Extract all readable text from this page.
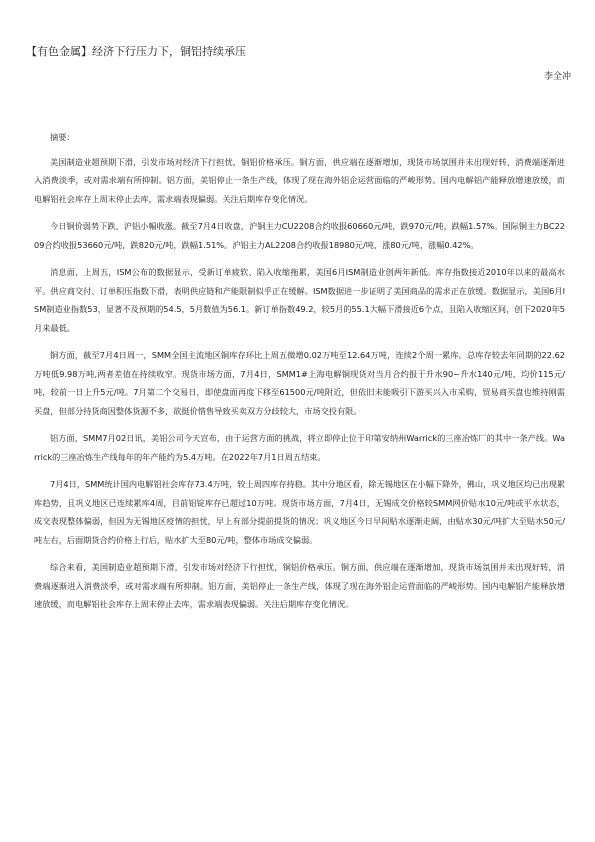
【有色金属】经济下行压力下，铜铝持续承压
李全冲

摘要：

美国制造业超预期下滑，引发市场对经济下行担忧，铜铝价格承压。铜方面，供应端在逐渐增加，现货市场氛围并未出现好转，消费端逐渐进入消费淡季，或对需求端有所抑制。铝方面，美铝停止一条生产线，体现了现在海外铝企运营面临的严峻形势。国内电解铝产能释放增速放缓，而电解铝社会库存上周末停止去库，需求端表现偏弱。关注后期库存变化情况。

今日铜价弱势下跌，沪铝小幅收涨。截至7月4日收盘，沪铜主力CU2208合约收报60660元/吨，跌970元/吨，跌幅1.57%。国际铜主力BC2209合约收报53660元/吨，跌820元/吨，跌幅1.51%。沪铝主力AL2208合约收报18980元/吨，涨80元/吨，涨幅0.42%。

消息面，上周五，ISM公布的数据显示，受新订单疲软、陷入收缩拖累，美国6月ISM制造业创两年新低。库存指数接近2010年以来的最高水平。供应商交付、订单积压指数下滑，表明供应链和产能限制似乎正在缓解。ISM数据进一步证明了美国商品的需求正在放缓。数据显示，美国6月ISM制造业指数53，显著不及预期的54.5，5月数值为56.1。新订单指数49.2，较5月的55.1大幅下滑接近6个点，且陷入收缩区间，创下2020年5月来最低。

铜方面，截至7月4日周一，SMM全国主流地区铜库存环比上周五微增0.02万吨至12.64万吨，连续2个周一累库。总库存较去年同期的22.62万吨低9.98万吨,两者差值在持续收窄。现货市场方面，7月4日，SMM1#上海电解铜现货对当月合约报于升水90~升水140元/吨，均价115元/吨，较前一日上升5元/吨。7月第二个交易日，即使盘面再度下移至61500元/吨附近，但依旧未能吸引下游买兴入市采购，贸易商买盘也维持刚需买盘，但部分持货商因整体货源不多，欲挺价惜售导致买卖双方分歧较大，市场交投有限。

铝方面，SMM7月02日讯，美铝公司今天宣布，由于运营方面的挑战，将立即停止位于印第安纳州Warrick的三座冶炼厂的其中一条产线。Warrick的三座冶炼生产线每年的年产能约为5.4万吨。在2022年7月1日周五结束。

7月4日，SMM统计国内电解铝社会库存73.4万吨，较上周四库存持稳。其中分地区看，除无锡地区在小幅下降外，佛山，巩义地区均已出现累库趋势，且巩义地区已连续累库4周，目前铝锭库存已超过10万吨。现货市场方面，7月4日，无锡成交价格较SMM网价贴水10元/吨或平水状态，成交表现整体偏弱，但因为无锡地区疫情的担忧，早上有部分提前提货的情况；巩义地区今日早间贴水逐渐走阔，由贴水30元/吨扩大至贴水50元/吨左右，后面期货合约价格上行后，贴水扩大至80元/吨，整体市场成交偏弱。

综合来看，美国制造业超预期下滑，引发市场对经济下行担忧，铜铝价格承压。铜方面，供应端在逐渐增加，现货市场氛围并未出现好转，消费端逐渐进入消费淡季，或对需求端有所抑制。铝方面，美铝停止一条生产线，体现了现在海外铝企运营面临的严峻形势。国内电解铝产能释放增速放缓，而电解铝社会库存上周末停止去库，需求端表现偏弱。关注后期库存变化情况。
